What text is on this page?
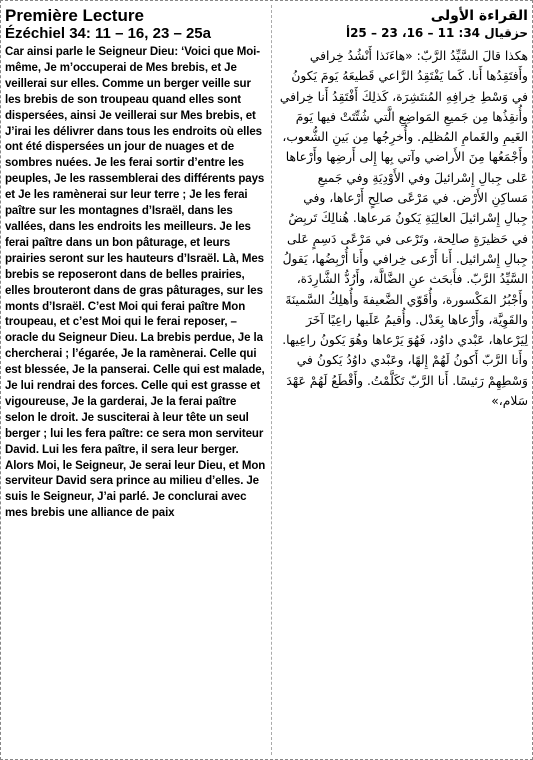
Première Lecture
Ézéchiel 34: 11 – 16, 23 – 25a

Car ainsi parle le Seigneur Dieu: ‘Voici que Moi-même, Je m’occuperai de Mes brebis, et Je veillerai sur elles. Comme un berger veille sur les brebis de son troupeau quand elles sont dispersées, ainsi Je veillerai sur Mes brebis, et J’irai les délivrer dans tous les endroits où elles ont été dispersées un jour de nuages et de sombres nuées. Je les ferai sortir d’entre les peuples, Je les rassemblerai des différents pays et Je les ramènerai sur leur terre ; Je les ferai paître sur les montagnes d’Israël, dans les vallées, dans les endroits les meilleurs. Je les ferai paître dans un bon pâturage, et leurs prairies seront sur les hauteurs d’Israël. Là, Mes brebis se reposeront dans de belles prairies, elles brouteront dans de gras pâturages, sur les monts d’Israël. C’est Moi qui ferai paître Mon troupeau, et c’est Moi qui le ferai reposer, – oracle du Seigneur Dieu. La brebis perdue, Je la chercherai ; l’égarée, Je la ramènerai. Celle qui est blessée, Je la panserai. Celle qui est malade, Je lui rendrai des forces. Celle qui est grasse et vigoureuse, Je la garderai, Je la ferai paître selon le droit. Je susciterai à leur tête un seul berger ; lui les fera paître: ce sera mon serviteur David. Lui les fera paître, il sera leur berger. Alors Moi, le Seigneur, Je serai leur Dieu, et Mon serviteur David sera prince au milieu d’elles. Je suis le Seigneur, J’ai parlé. Je conclurai avec mes brebis une alliance de paix

القراءة الأولى
حزقيال 34: 11 – 16، 23 – 25أ

هكذا قالَ السَّيِّدُ الرَّبّ: «هاءَنَذا أَنْشُدُ خِرافي وأَفتَقِدُها أَنا. كَما يَفْتَقِدُ الرَّاعي قَطيعَهُ يَومَ يَكونُ في وَسْطِ خِرافِهِ المُنتَشِرَة، كَذلِكَ أَفْتَقِدُ أَنا خِرافي وأُنقِذُها مِن جَميعِ المَواضِعِ الَّتي شُتِّتَتْ فيها يَومَ الغَيمِ والغَمامِ المُظلِم. وأُخرِجُها مِن بَينِ الشُّعوب، وأَجْمَعُها مِنَ الأَراضي وآتي بِها إِلى أَرضِها وأَرْعاها عَلى جِبالِ إِسْرائيلَ وفي الأَوْدِيَةِ وفي جَميعِ مَساكِنِ الأَرْض. في مَرْعًى صالِحٍ أَرْعاها، وفي جِبالِ إِسْرائيلَ العالِيَةِ يَكونُ مَرعاها. هُنالِكَ تَربِضُ في حَظيرَةٍ صالِحة، وتَرْعى في مَرْعًى دَسِمٍ عَلى جِبالِ إِسْرائيل. أَنا أَرْعى خِرافي وأَنا أُرْبِضُها، يَقولُ السَّيِّدُ الرَّبّ. فأَبحَث عنِ الضَّالَّة، وأَرُدُّ الشَّارِدَة، وأَجْبُرُ المَكْسورة، وأُقَوّي الضَّعيفةَ وأُهلِكُ السَّمينَةَ والقَوِيَّة، وأَرْعاها بِعَدْل. وأُقيمُ عَلَيها راعِيًا آخَرَ لِيَرْعاها، عَبْدي داوُد، فَهُوَ يَرْعاها وهُوَ يَكونُ راعِيها. وأَنا الرَّبّ أَكونُ لَهُمْ إِلهًا، وعَبْدي داوُدُ يَكونُ في وَسْطِهِمْ رَئيسًا. أَنا الرَّبّ تَكَلَّمْتُ. وأَقْطَعُ لَهُمْ عَهْدَ سَلام،»
